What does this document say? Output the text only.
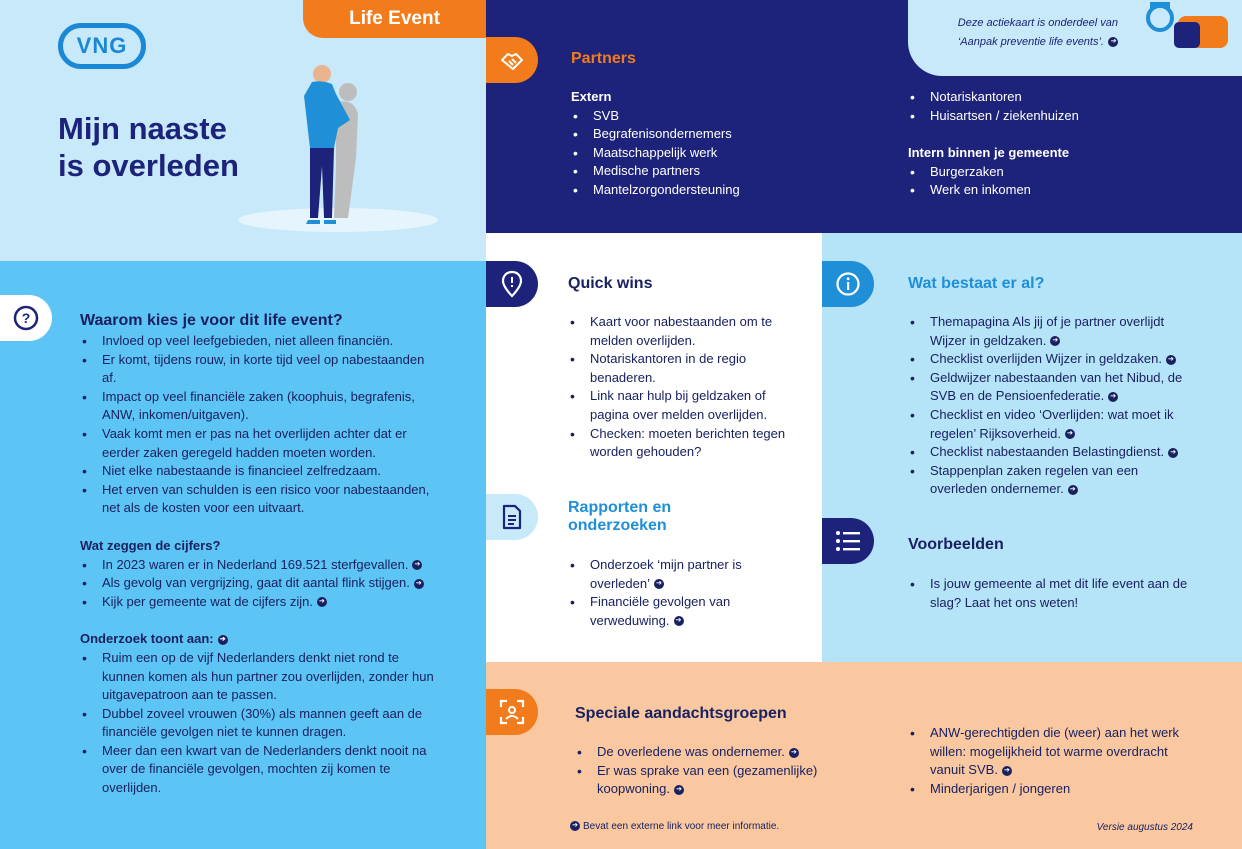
VNG
Life Event
Mijn naaste
is overleden
Deze actiekaart is onderdeel van
‘Aanpak preventie life events’. ➔
Partners
Extern
• SVB
• Begrafenisondernemers
• Maatschappelijk werk
• Medische partners
• Mantelzorgondersteuning
• Notariskantoren
• Huisartsen / ziekenhuizen
Intern binnen je gemeente
• Burgerzaken
• Werk en inkomen
?	Waarom kies je voor dit life event?
• Invloed op veel leefgebieden, niet alleen financiën.
• Er komt, tijdens rouw, in korte tijd veel op nabestaanden af.
• Impact op veel financiële zaken (koophuis, begrafenis, ANW, inkomen/uitgaven).
• Vaak komt men er pas na het overlijden achter dat er eerder zaken geregeld hadden moeten worden.
• Niet elke nabestaande is financieel zelfredzaam.
• Het erven van schulden is een risico voor nabestaanden, net als de kosten voor een uitvaart.
Wat zeggen de cijfers?
• In 2023 waren er in Nederland 169.521 sterfgevallen. ➔
• Als gevolg van vergrijzing, gaat dit aantal flink stijgen. ➔
• Kijk per gemeente wat de cijfers zijn. ➔
Onderzoek toont aan: ➔
• Ruim een op de vijf Nederlanders denkt niet rond te kunnen komen als hun partner zou overlijden, zonder hun uitgavepatroon aan te passen.
• Dubbel zoveel vrouwen (30%) als mannen geeft aan de financiële gevolgen niet te kunnen dragen.
• Meer dan een kwart van de Nederlanders denkt nooit na over de financiële gevolgen, mochten zij komen te overlijden.
Quick wins
• Kaart voor nabestaanden om te melden overlijden.
• Notariskantoren in de regio benaderen.
• Link naar hulp bij geldzaken of pagina over melden overlijden.
• Checken: moeten berichten tegen worden gehouden?
Rapporten en
onderzoeken
• Onderzoek ‘mijn partner is overleden’ ➔
• Financiële gevolgen van verweduwing. ➔
Wat bestaat er al?
• Themapagina Als jij of je partner overlijdt Wijzer in geldzaken. ➔
• Checklist overlijden Wijzer in geldzaken. ➔
• Geldwijzer nabestaanden van het Nibud, de SVB en de Pensioenfederatie. ➔
• Checklist en video ‘Overlijden: wat moet ik regelen’ Rijksoverheid. ➔
• Checklist nabestaanden Belastingdienst. ➔
• Stappenplan zaken regelen van een overleden ondernemer. ➔
Voorbeelden
• Is jouw gemeente al met dit life event aan de slag? Laat het ons weten!
Speciale aandachtsgroepen
• De overledene was ondernemer. ➔
• Er was sprake van een (gezamenlijke) koopwoning. ➔
• ANW-gerechtigden die (weer) aan het werk willen: mogelijkheid tot warme overdracht vanuit SVB. ➔
• Minderjarigen / jongeren
➔ Bevat een externe link voor meer informatie.	Versie augustus 2024
